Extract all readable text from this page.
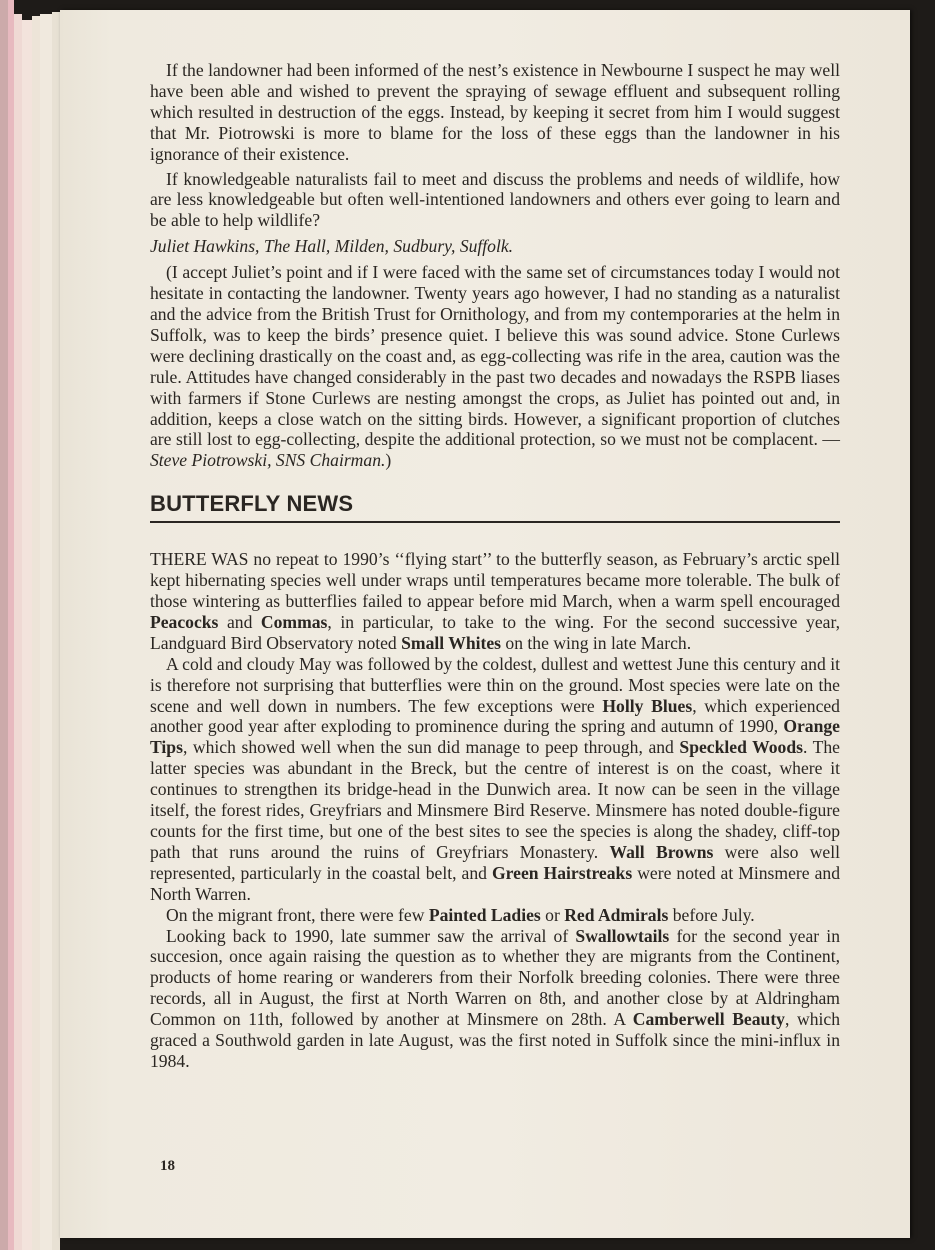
If the landowner had been informed of the nest’s existence in Newbourne I suspect he may well have been able and wished to prevent the spraying of sewage effluent and subsequent rolling which resulted in destruction of the eggs. Instead, by keeping it secret from him I would suggest that Mr. Piotrowski is more to blame for the loss of these eggs than the landowner in his ignorance of their existence.

If knowledgeable naturalists fail to meet and discuss the problems and needs of wildlife, how are less knowledgeable but often well-intentioned landowners and others ever going to learn and be able to help wildlife?

Juliet Hawkins, The Hall, Milden, Sudbury, Suffolk.

(I accept Juliet’s point and if I were faced with the same set of circumstances today I would not hesitate in contacting the landowner. Twenty years ago however, I had no standing as a naturalist and the advice from the British Trust for Ornithology, and from my contemporaries at the helm in Suffolk, was to keep the birds’ presence quiet. I believe this was sound advice. Stone Curlews were declining drastically on the coast and, as egg-collecting was rife in the area, caution was the rule. Attitudes have changed considerably in the past two decades and nowadays the RSPB liases with farmers if Stone Curlews are nesting amongst the crops, as Juliet has pointed out and, in addition, keeps a close watch on the sitting birds. However, a significant proportion of clutches are still lost to egg-collecting, despite the additional protection, so we must not be complacent. — Steve Piotrowski, SNS Chairman.)

BUTTERFLY NEWS

THERE WAS no repeat to 1990’s ‘‘flying start’’ to the butterfly season, as February’s arctic spell kept hibernating species well under wraps until temperatures became more tolerable. The bulk of those wintering as butterflies failed to appear before mid March, when a warm spell encouraged Peacocks and Commas, in particular, to take to the wing. For the second successive year, Landguard Bird Observatory noted Small Whites on the wing in late March.

A cold and cloudy May was followed by the coldest, dullest and wettest June this century and it is therefore not surprising that butterflies were thin on the ground. Most species were late on the scene and well down in numbers. The few exceptions were Holly Blues, which experienced another good year after exploding to prominence during the spring and autumn of 1990, Orange Tips, which showed well when the sun did manage to peep through, and Speckled Woods. The latter species was abundant in the Breck, but the centre of interest is on the coast, where it continues to strengthen its bridge-head in the Dunwich area. It now can be seen in the village itself, the forest rides, Greyfriars and Minsmere Bird Reserve. Minsmere has noted double-figure counts for the first time, but one of the best sites to see the species is along the shadey, cliff-top path that runs around the ruins of Greyfriars Monastery. Wall Browns were also well represented, particularly in the coastal belt, and Green Hairstreaks were noted at Minsmere and North Warren.

On the migrant front, there were few Painted Ladies or Red Admirals before July.

Looking back to 1990, late summer saw the arrival of Swallowtails for the second year in succesion, once again raising the question as to whether they are migrants from the Continent, products of home rearing or wanderers from their Norfolk breeding colonies. There were three records, all in August, the first at North Warren on 8th, and another close by at Aldringham Common on 11th, followed by another at Minsmere on 28th. A Camberwell Beauty, which graced a Southwold garden in late August, was the first noted in Suffolk since the mini-influx in 1984.

18
